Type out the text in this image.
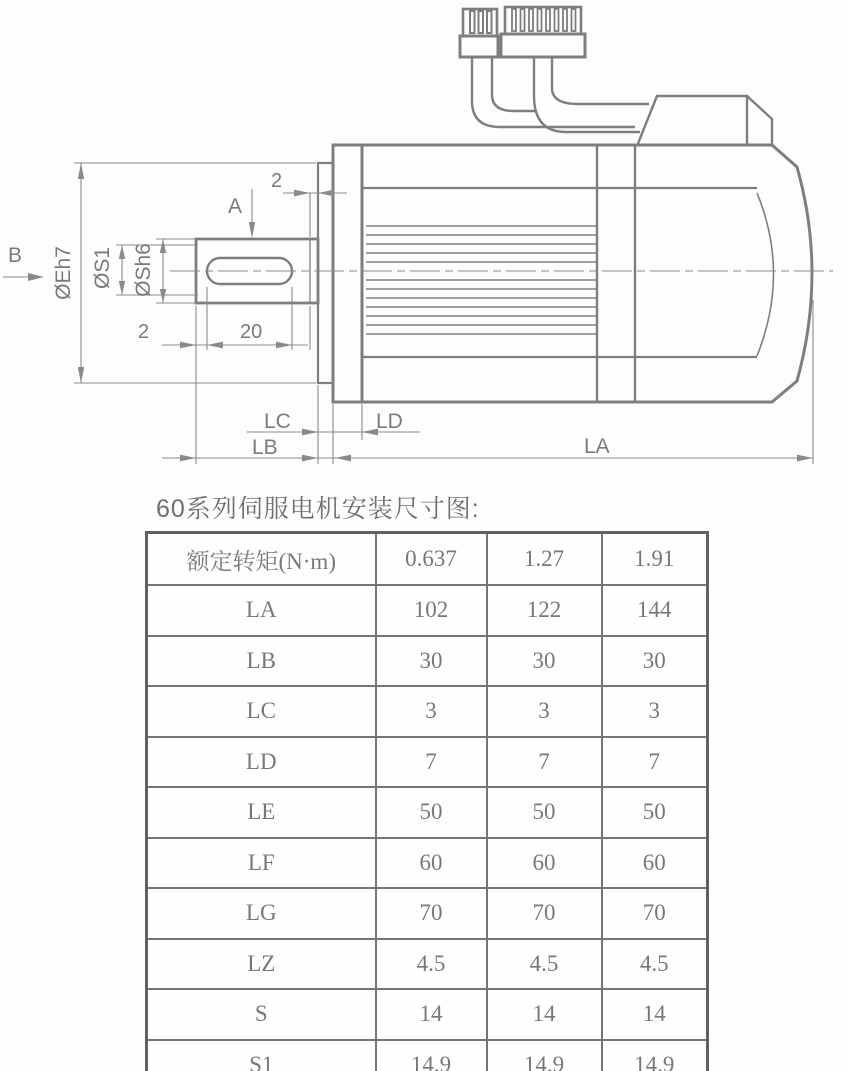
B
A
ØEh7 ØS1 ØSh6
2
2	20
LC	LD
LB	LA
60系列伺服电机安装尺寸图:
额定转矩(N·m)	0.637	1.27	1.91
LA	102	122	144
LB	30	30	30
LC	3	3	3
LD	7	7	7
LE	50	50	50
LF	60	60	60
LG	70	70	70
LZ	4.5	4.5	4.5
S	14	14	14
S1	14.9	14.9	14.9
